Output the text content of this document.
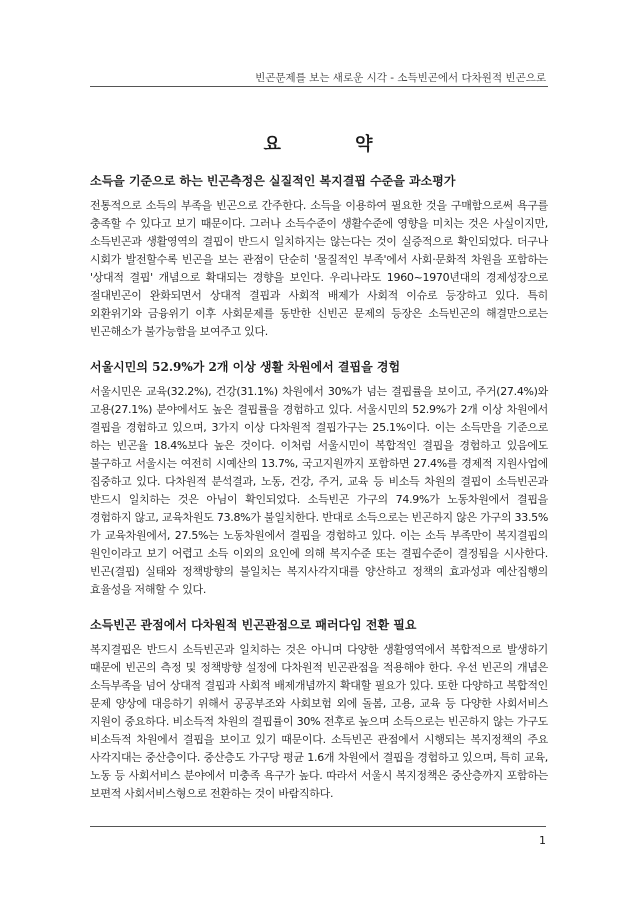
빈곤문제를 보는 새로운 시각 - 소득빈곤에서 다차원적 빈곤으로
요 약
소득을 기준으로 하는 빈곤측정은 실질적인 복지결핍 수준을 과소평가

전통적으로 소득의 부족을 빈곤으로 간주한다. 소득을 이용하여 필요한 것을 구매함으로써 욕구를 충족할 수 있다고 보기 때문이다. 그러나 소득수준이 생활수준에 영향을 미치는 것은 사실이지만, 소득빈곤과 생활영역의 결핍이 반드시 일치하지는 않는다는 것이 실증적으로 확인되었다. 더구나 시회가 발전할수록 빈곤을 보는 관점이 단순히 '물질적인 부족'에서 사회·문화적 차원을 포함하는 '상대적 결핍' 개념으로 확대되는 경향을 보인다. 우리나라도 1960~1970년대의 경제성장으로 절대빈곤이 완화되면서 상대적 결핍과 사회적 배제가 사회적 이슈로 등장하고 있다. 특히 외환위기와 금융위기 이후 사회문제를 동반한 신빈곤 문제의 등장은 소득빈곤의 해결만으로는 빈곤해소가 불가능함을 보여주고 있다.

서울시민의 52.9%가 2개 이상 생활 차원에서 결핍을 경험

서울시민은 교육(32.2%), 건강(31.1%) 차원에서 30%가 넘는 결핍률을 보이고, 주거(27.4%)와 고용(27.1%) 분야에서도 높은 결핍률을 경험하고 있다. 서울시민의 52.9%가 2개 이상 차원에서 결핍을 경험하고 있으며, 3가지 이상 다차원적 결핍가구는 25.1%이다. 이는 소득만을 기준으로 하는 빈곤율 18.4%보다 높은 것이다. 이처럼 서울시민이 복합적인 결핍을 경험하고 있음에도 불구하고 서울시는 여전히 시예산의 13.7%, 국고지원까지 포함하면 27.4%를 경제적 지원사업에 집중하고 있다. 다차원적 분석결과, 노동, 건강, 주거, 교육 등 비소득 차원의 결핍이 소득빈곤과 반드시 일치하는 것은 아님이 확인되었다. 소득빈곤 가구의 74.9%가 노동차원에서 결핍을 경험하지 않고, 교육차원도 73.8%가 불일치한다. 반대로 소득으로는 빈곤하지 않은 가구의 33.5%가 교육차원에서, 27.5%는 노동차원에서 결핍을 경험하고 있다. 이는 소득 부족만이 복지결핍의 원인이라고 보기 어렵고 소득 이외의 요인에 의해 복지수준 또는 결핍수준이 결정됨을 시사한다. 빈곤(결핍) 실태와 정책방향의 불일치는 복지사각지대를 양산하고 정책의 효과성과 예산집행의 효율성을 저해할 수 있다.

소득빈곤 관점에서 다차원적 빈곤관점으로 패러다임 전환 필요

복지결핍은 반드시 소득빈곤과 일치하는 것은 아니며 다양한 생활영역에서 복합적으로 발생하기 때문에 빈곤의 측정 및 정책방향 설정에 다차원적 빈곤관점을 적용해야 한다. 우선 빈곤의 개념은 소득부족을 넘어 상대적 결핍과 사회적 배제개념까지 확대할 필요가 있다. 또한 다양하고 복합적인 문제 양상에 대응하기 위해서 공공부조와 사회보험 외에 돌봄, 고용, 교육 등 다양한 사회서비스 지원이 중요하다. 비소득적 차원의 결핍률이 30% 전후로 높으며 소득으로는 빈곤하지 않는 가구도 비소득적 차원에서 결핍을 보이고 있기 때문이다. 소득빈곤 관점에서 시행되는 복지정책의 주요 사각지대는 중산층이다. 중산층도 가구당 평균 1.6개 차원에서 결핍을 경험하고 있으며, 특히 교육, 노동 등 사회서비스 분야에서 미충족 욕구가 높다. 따라서 서울시 복지정책은 중산층까지 포함하는 보편적 사회서비스형으로 전환하는 것이 바람직하다.

1
